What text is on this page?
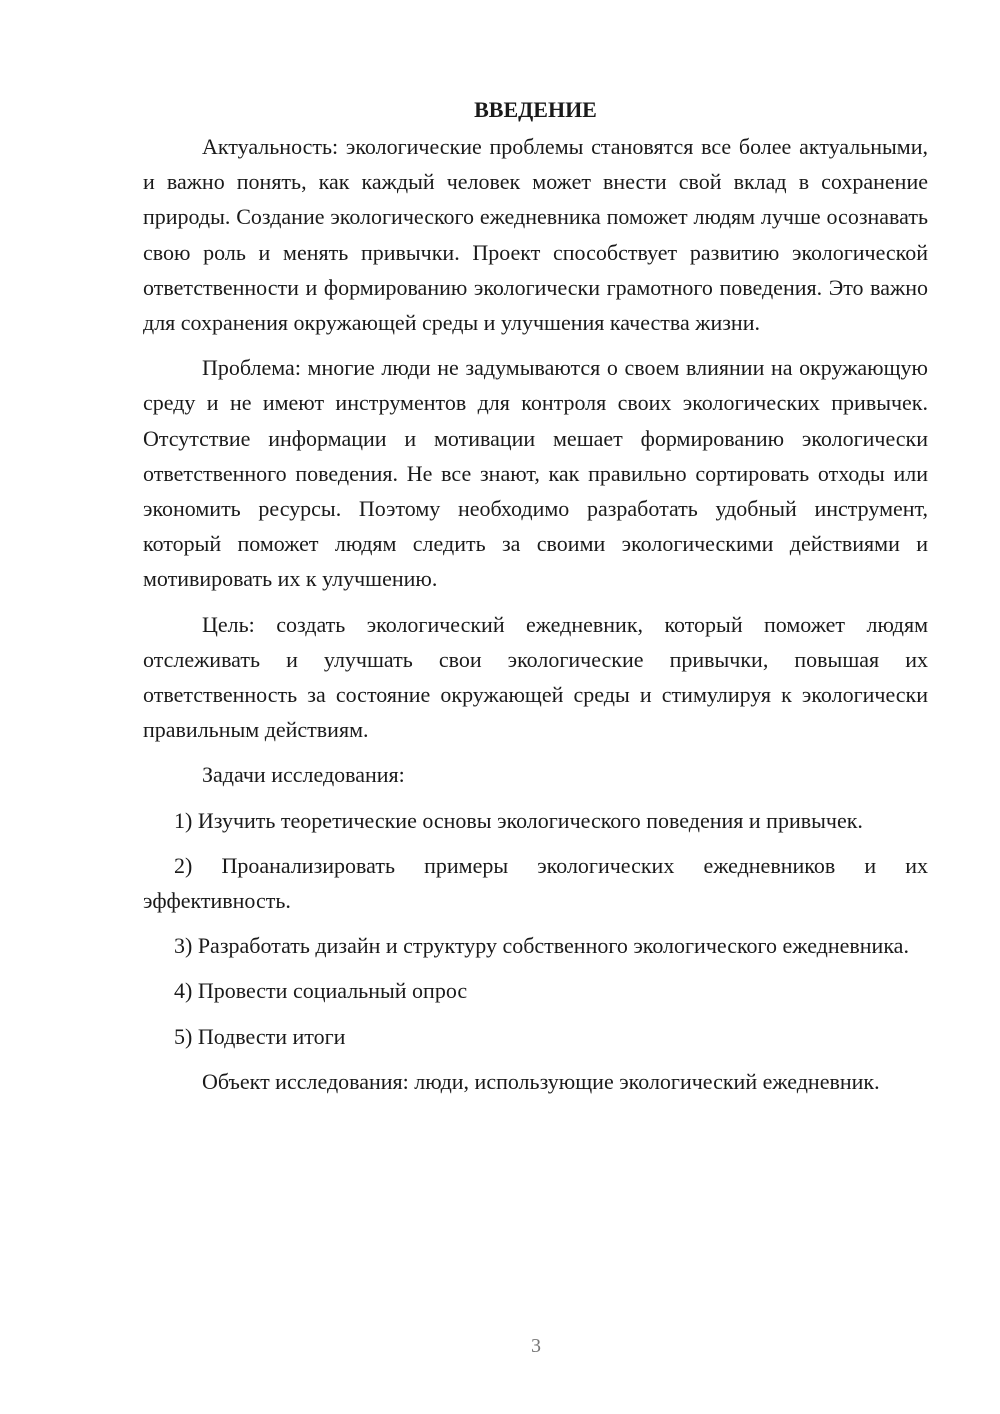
ВВЕДЕНИЕ

Актуальность: экологические проблемы становятся все более актуальными, и важно понять, как каждый человек может внести свой вклад в сохранение природы. Создание экологического ежедневника поможет людям лучше осознавать свою роль и менять привычки. Проект способствует развитию экологической ответственности и формированию экологически грамотного поведения. Это важно для сохранения окружающей среды и улучшения качества жизни.

Проблема: многие люди не задумываются о своем влиянии на окружающую среду и не имеют инструментов для контроля своих экологических привычек. Отсутствие информации и мотивации мешает формированию экологически ответственного поведения. Не все знают, как правильно сортировать отходы или экономить ресурсы. Поэтому необходимо разработать удобный инструмент, который поможет людям следить за своими экологическими действиями и мотивировать их к улучшению.

Цель: создать экологический ежедневник, который поможет людям отслеживать и улучшать свои экологические привычки, повышая их ответственность за состояние окружающей среды и стимулируя к экологически правильным действиям.

Задачи исследования:

1) Изучить теоретические основы экологического поведения и привычек.

2) Проанализировать примеры экологических ежедневников и их эффективность.

3) Разработать дизайн и структуру собственного экологического ежедневника.

4) Провести социальный опрос

5) Подвести итоги

Объект исследования: люди, использующие экологический ежедневник.

3
